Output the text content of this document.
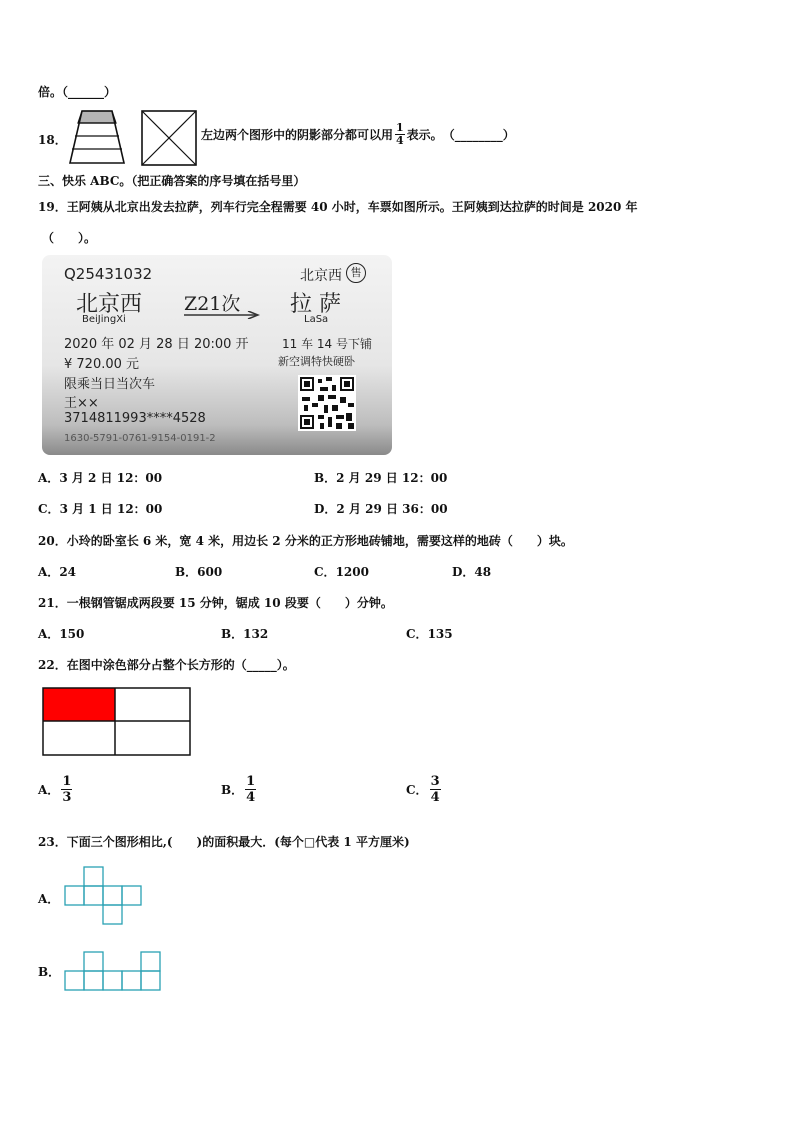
倍。（______）
18．	左边两个图形中的阴影部分都可以用 $\frac{1}{4}$ 表示。 （________）
三、快乐 ABC。（把正确答案的序号填在括号里）
19．王阿姨从北京出发去拉萨，列车行完全程需要 40 小时，车票如图所示。王阿姨到达拉萨的时间是 2020 年
（　　）。
Q25431032	北京西 售
北京西
BeiJingXi
Z21次 拉 萨
LaSa
2020 年 02 月 28 日 20:00 开	11 车 14 号下铺
¥ 720.00 元	新空调特快硬卧
限乘当日当次车
王××
3714811993****4528
1630-5791-0761-9154-0191-2
A．3 月 2 日 12：00	B．2 月 29 日 12：00
C．3 月 1 日 12：00	D．2 月 29 日 36：00
20．小玲的卧室长 6 米，宽 4 米，用边长 2 分米的正方形地砖铺地，需要这样的地砖（　　）块。
A．24	B．600	C．1200	D．48
21．一根钢管锯成两段要 15 分钟，锯成 10 段要（　　）分钟。
A．150	B．132	C．135
22．在图中涂色部分占整个长方形的（_____）。
A． $\frac{1}{3}$	B． $\frac{1}{4}$	C． $\frac{3}{4}$
23．下面三个图形相比,(　　)的面积最大．(每个□代表 1 平方厘米)
A．
B．
